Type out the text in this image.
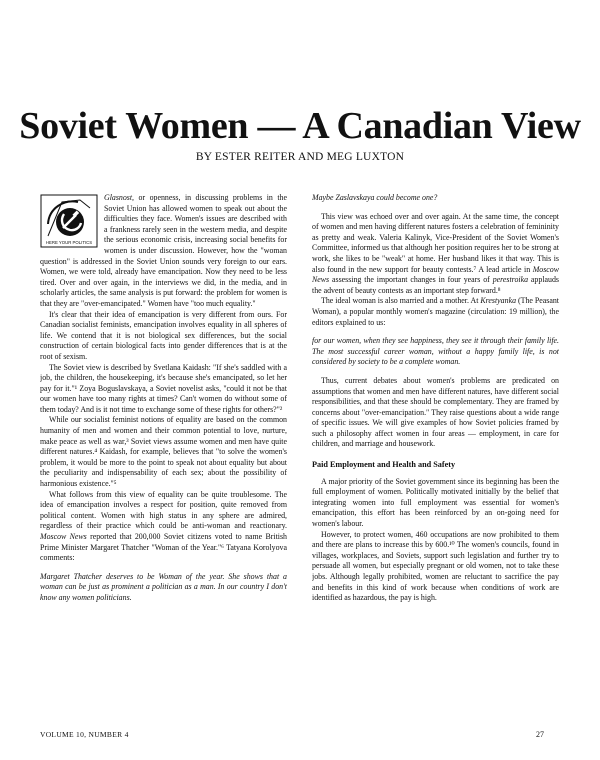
Soviet Women — A Canadian View
BY ESTER REITER AND MEG LUXTON
HERE YOUR POLITICS

Glasnost, or openness, in discussing problems in the Soviet Union has allowed women to speak out about the difficulties they face. Women's issues are described with a frankness rarely seen in the western media, and despite the serious economic crisis, increasing social benefits for women is under discussion. However, how the "woman question" is addressed in the Soviet Union sounds very foreign to our ears. Women, we were told, already have emancipation. Now they need to be less tired. Over and over again, in the interviews we did, in the media, and in scholarly articles, the same analysis is put forward: the problem for women is that they are "over-emancipated." Women have "too much equality."

It's clear that their idea of emancipation is very different from ours. For Canadian socialist feminists, emancipation involves equality in all spheres of life. We contend that it is not biological sex differences, but the social construction of certain biological facts into gender differences that is at the root of sexism.

The Soviet view is described by Svetlana Kaidash: "If she's saddled with a job, the children, the housekeeping, it's because she's emancipated, so let her pay for it."¹ Zoya Boguslavskaya, a Soviet novelist asks, "could it not be that our women have too many rights at times? Can't women do without some of them today? And is it not time to exchange some of these rights for others?"²

While our socialist feminist notions of equality are based on the common humanity of men and women and their common potential to love, nurture, make peace as well as war,³ Soviet views assume women and men have quite different natures.⁴ Kaidash, for example, believes that "to solve the women's problem, it would be more to the point to speak not about equality but about the peculiarity and indispensability of each sex; about the possibility of harmonious existence."⁵

What follows from this view of equality can be quite troublesome. The idea of emancipation involves a respect for position, quite removed from political content. Women with high status in any sphere are admired, regardless of their practice which could be anti-woman and reactionary. Moscow News reported that 200,000 Soviet citizens voted to name British Prime Minister Margaret Thatcher "Woman of the Year."⁶ Tatyana Korolyova comments:

Margaret Thatcher deserves to be Woman of the year. She shows that a woman can be just as prominent a politician as a man. In our country I don't know any women politicians.

Maybe Zaslavskaya could become one?

This view was echoed over and over again. At the same time, the concept of women and men having different natures fosters a celebration of femininity as pretty and weak. Valeria Kalinyk, Vice-President of the Soviet Women's Committee, informed us that although her position requires her to be strong at work, she likes to be "weak" at home. Her husband likes it that way. This is also found in the new support for beauty contests.⁷ A lead article in Moscow News assessing the important changes in four years of perestroika applauds the advent of beauty contests as an important step forward.⁸

The ideal woman is also married and a mother. At Krestyanka (The Peasant Woman), a popular monthly women's magazine (circulation: 19 million), the editors explained to us:

for our women, when they see happiness, they see it through their family life. The most successful career woman, without a happy family life, is not considered by society to be a complete woman.

Thus, current debates about women's problems are predicated on assumptions that women and men have different natures, have different social responsibilities, and that these should be complementary. They are framed by concerns about "over-emancipation." They raise questions about a wide range of specific issues. We will give examples of how Soviet policies framed by such a philosophy affect women in four areas — employment, in care for children, and marriage and housework.

Paid Employment and Health and Safety

A major priority of the Soviet government since its beginning has been the full employment of women. Politically motivated initially by the belief that integrating women into full employment was essential for women's emancipation, this effort has been reinforced by an on-going need for women's labour.

However, to protect women, 460 occupations are now prohibited to them and there are plans to increase this by 600.¹⁰ The women's councils, found in villages, workplaces, and Soviets, support such legislation and further try to persuade all women, but especially pregnant or old women, not to take these jobs. Although legally prohibited, women are reluctant to sacrifice the pay and benefits in this kind of work because when conditions of work are identified as hazardous, the pay is high.

VOLUME 10, NUMBER 4	27
